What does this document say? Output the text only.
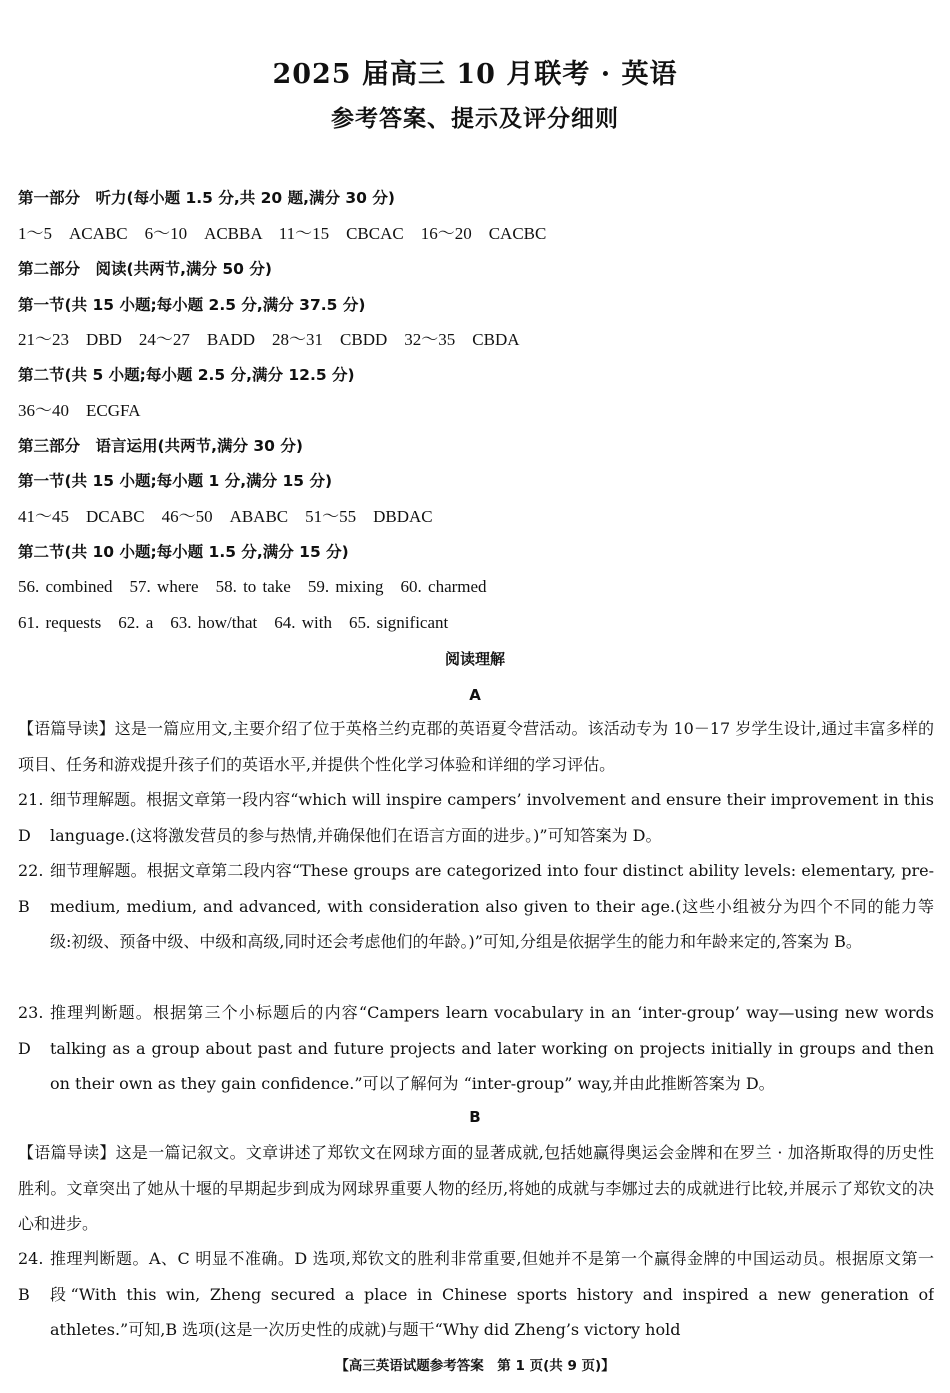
2025 届高三 10 月联考 · 英语
参考答案、提示及评分细则
第一部分　听力(每小题 1.5 分,共 20 题,满分 30 分)
1～5　ACABC　6～10　ACBBA　11～15　CBCAC　16～20　CACBC
第二部分　阅读(共两节,满分 50 分)
第一节(共 15 小题;每小题 2.5 分,满分 37.5 分)
21～23　DBD　24～27　BADD　28～31　CBDD　32～35　CBDA
第二节(共 5 小题;每小题 2.5 分,满分 12.5 分)
36～40　ECGFA
第三部分　语言运用(共两节,满分 30 分)
第一节(共 15 小题;每小题 1 分,满分 15 分)
41～45　DCABC　46～50　ABABC　51～55　DBDAC
第二节(共 10 小题;每小题 1.5 分,满分 15 分)
56. combined　57. where　58. to take　59. mixing　60. charmed
61. requests　62. a　63. how/that　64. with　65. significant
阅读理解
A
【语篇导读】这是一篇应用文,主要介绍了位于英格兰约克郡的英语夏令营活动。该活动专为 10－17 岁学生设计,通过丰富多样的项目、任务和游戏提升孩子们的英语水平,并提供个性化学习体验和详细的学习评估。
21. D
细节理解题。根据文章第一段内容“which will inspire campers’ involvement and ensure their improvement in this language.(这将激发营员的参与热情,并确保他们在语言方面的进步。)”可知答案为 D。
22. B
细节理解题。根据文章第二段内容“These groups are categorized into four distinct ability levels: elementary, pre-medium, medium, and advanced, with consideration also given to their age.(这些小组被分为四个不同的能力等级:初级、预备中级、中级和高级,同时还会考虑他们的年龄。)”可知,分组是依据学生的能力和年龄来定的,答案为 B。
23. D
推理判断题。根据第三个小标题后的内容“Campers learn vocabulary in an ‘inter-group’ way—using new words talking as a group about past and future projects and later working on projects initially in groups and then on their own as they gain confidence.”可以了解何为 “inter-group” way,并由此推断答案为 D。
B
【语篇导读】这是一篇记叙文。文章讲述了郑钦文在网球方面的显著成就,包括她赢得奥运会金牌和在罗兰 · 加洛斯取得的历史性胜利。文章突出了她从十堰的早期起步到成为网球界重要人物的经历,将她的成就与李娜过去的成就进行比较,并展示了郑钦文的决心和进步。
24. B
推理判断题。A、C 明显不准确。D 选项,郑钦文的胜利非常重要,但她并不是第一个赢得金牌的中国运动员。根据原文第一段“With this win, Zheng secured a place in Chinese sports history and inspired a new generation of athletes.”可知,B 选项(这是一次历史性的成就)与题干“Why did Zheng’s victory hold
【高三英语试题参考答案　第 1 页(共 9 页)】
